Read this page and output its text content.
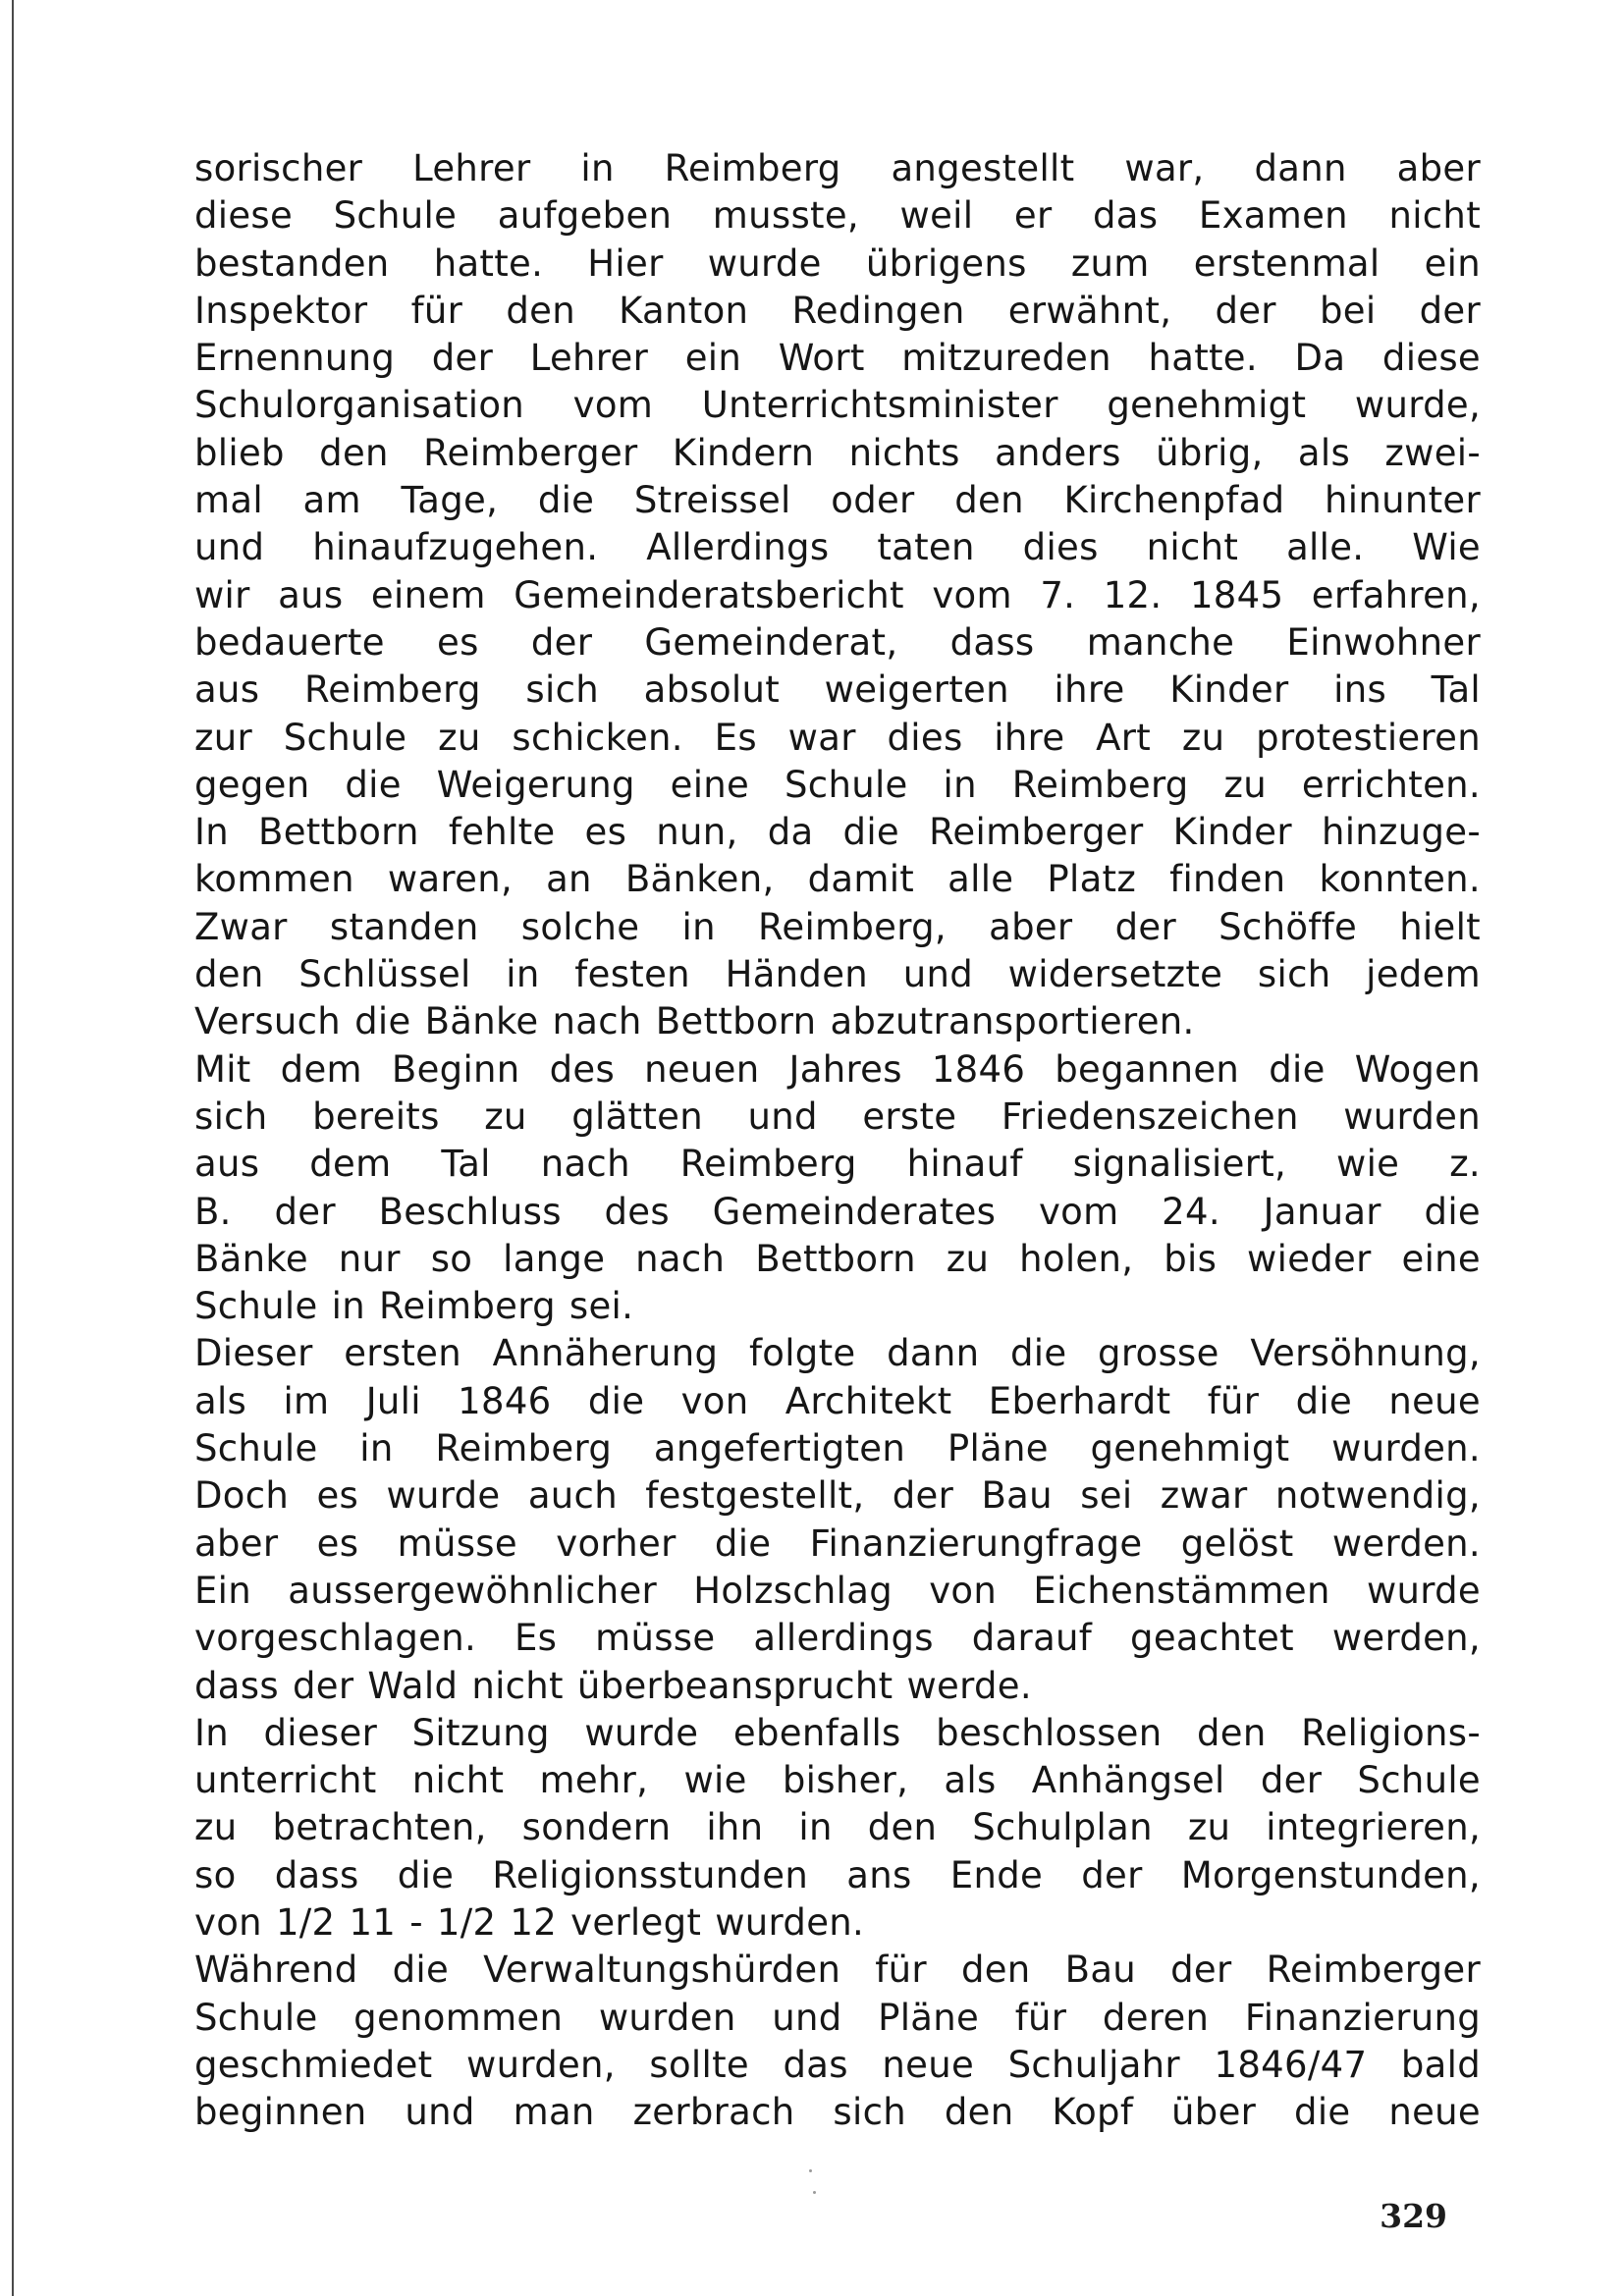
sorischer Lehrer in Reimberg angestellt war, dann aber
diese Schule aufgeben musste, weil er das Examen nicht
bestanden hatte. Hier wurde übrigens zum erstenmal ein
Inspektor für den Kanton Redingen erwähnt, der bei der
Ernennung der Lehrer ein Wort mitzureden hatte. Da diese
Schulorganisation vom Unterrichtsminister genehmigt wurde,
blieb den Reimberger Kindern nichts anders übrig, als zwei-
mal am Tage, die Streissel oder den Kirchenpfad hinunter
und hinaufzugehen. Allerdings taten dies nicht alle. Wie
wir aus einem Gemeinderatsbericht vom 7. 12. 1845 erfahren,
bedauerte es der Gemeinderat, dass manche Einwohner
aus Reimberg sich absolut weigerten ihre Kinder ins Tal
zur Schule zu schicken. Es war dies ihre Art zu protestieren
gegen die Weigerung eine Schule in Reimberg zu errichten.
In Bettborn fehlte es nun, da die Reimberger Kinder hinzuge-
kommen waren, an Bänken, damit alle Platz finden konnten.
Zwar standen solche in Reimberg, aber der Schöffe hielt
den Schlüssel in festen Händen und widersetzte sich jedem
Versuch die Bänke nach Bettborn abzutransportieren.
Mit dem Beginn des neuen Jahres 1846 begannen die Wogen
sich bereits zu glätten und erste Friedenszeichen wurden
aus dem Tal nach Reimberg hinauf signalisiert, wie z.
B. der Beschluss des Gemeinderates vom 24. Januar die
Bänke nur so lange nach Bettborn zu holen, bis wieder eine
Schule in Reimberg sei.
Dieser ersten Annäherung folgte dann die grosse Versöhnung,
als im Juli 1846 die von Architekt Eberhardt für die neue
Schule in Reimberg angefertigten Pläne genehmigt wurden.
Doch es wurde auch festgestellt, der Bau sei zwar notwendig,
aber es müsse vorher die Finanzierungfrage gelöst werden.
Ein aussergewöhnlicher Holzschlag von Eichenstämmen wurde
vorgeschlagen. Es müsse allerdings darauf geachtet werden,
dass der Wald nicht überbeansprucht werde.
In dieser Sitzung wurde ebenfalls beschlossen den Religions-
unterricht nicht mehr, wie bisher, als Anhängsel der Schule
zu betrachten, sondern ihn in den Schulplan zu integrieren,
so dass die Religionsstunden ans Ende der Morgenstunden,
von 1/2 11 - 1/2 12 verlegt wurden.
Während die Verwaltungshürden für den Bau der Reimberger
Schule genommen wurden und Pläne für deren Finanzierung
geschmiedet wurden, sollte das neue Schuljahr 1846/47 bald
beginnen und man zerbrach sich den Kopf über die neue
329
